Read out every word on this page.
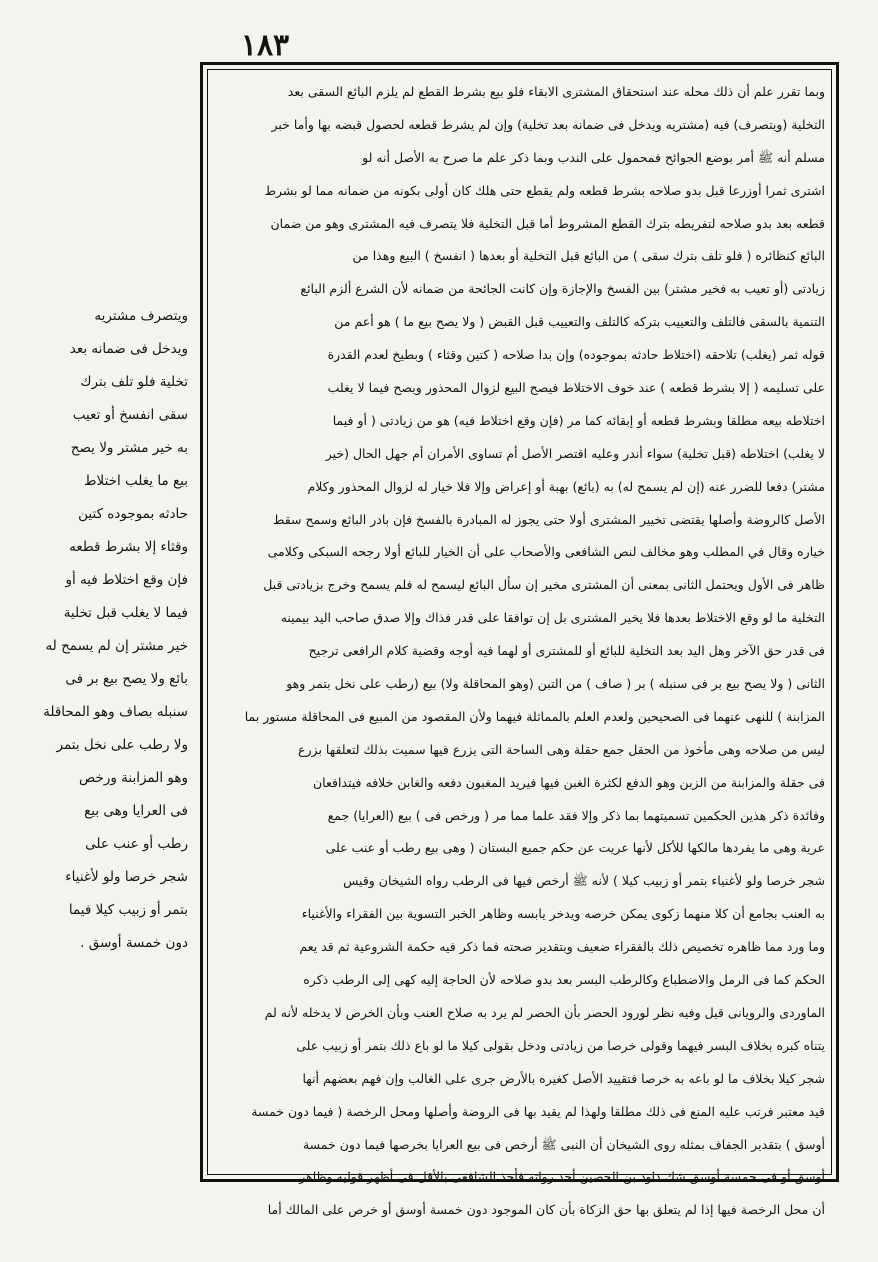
١٨٣
وبما تقرر علم أن ذلك محله عند استحقاق المشترى الابقاء فلو بيع بشرط القطع لم يلزم البائع السقى بعد
التخلية (ويتصرف) فيه (مشتريه ويدخل فى ضمانه بعد تخلية) وإن لم يشرط قطعه لحصول قبضه بها وأما خبر
مسلم أنه ﷺ أمر بوضع الجوائح فمحمول على الندب وبما ذكر علم ما صرح به الأصل أنه لو
اشترى ثمرا أوزرعا قبل بدو صلاحه بشرط قطعه ولم يقطع حتى هلك كان أولى بكونه من ضمانه مما لو بشرط
قطعه بعد بدو صلاحه لتفريطه بترك القطع المشروط أما قبل التخلية فلا يتصرف فيه المشترى وهو من ضمان
البائع كنظائره ( فلو تلف بترك سقى ) من البائع قبل التخلية أو بعدها ( انفسخ ) البيع وهذا من
زيادتى (أو تعيب به فخير مشتر) بين الفسخ والإجازة وإن كانت الجائحة من ضمانه لأن الشرع ألزم البائع
التنمية بالسقى فالتلف والتعييب بتركه كالتلف والتعييب قبل القبض ( ولا يصح بيع ما ) هو أعم من
قوله ثمر (يغلب) تلاحقه (اختلاط حادثه بموجوده) وإن بدا صلاحه ( كتين وقثاء ) وبطيخ لعدم القدرة
على تسليمه ( إلا بشرط قطعه ) عند خوف الاختلاط فيصح البيع لزوال المحذور ويصح فيما لا يغلب
اختلاطه بيعه مطلقا وبشرط قطعه أو إبقائه كما مر (فإن وقع اختلاط فيه) هو من زيادتى ( أو فيما
لا يغلب) اختلاطه (قبل تخلية) سواء أندر وعليه اقتصر الأصل أم تساوى الأمران أم جهل الحال (خير
مشتر) دفعا للضرر عنه (إن لم يسمح له) به (بائع) بهبة أو إعراض وإلا فلا خيار له لزوال المحذور وكلام
الأصل كالروضة وأصلها يقتضى تخيير المشترى أولا حتى يجوز له المبادرة بالفسخ فإن بادر البائع وسمح سقط
خياره وقال في المطلب وهو مخالف لنص الشافعى والأصحاب على أن الخيار للبائع أولا رجحه السبكى وكلامى
ظاهر فى الأول ويحتمل الثانى بمعنى أن المشترى مخير إن سأل البائع ليسمح له فلم يسمح وخرج بزيادتى قبل
التخلية ما لو وقع الاختلاط بعدها فلا يخير المشترى بل إن توافقا على قدر فذاك وإلا صدق صاحب اليد بيمينه
فى قدر حق الآخر وهل اليد بعد التخلية للبائع أو للمشترى أو لهما فيه أوجه وقضية كلام الرافعى ترجيح
الثانى ( ولا يصح بيع بر فى سنبله ) بر ( صاف ) من التبن (وهو المحاقلة ولا) بيع (رطب على نخل بتمر وهو
المزابنة ) للنهى عنهما فى الصحيحين ولعدم العلم بالمماثلة فيهما ولأن المقصود من المبيع فى المحاقلة مستور بما
ليس من صلاحه وهى مأخوذ من الحقل جمع حقلة وهى الساحة التى يزرع فيها سميت بذلك لتعلقها بزرع
فى حقلة والمزابنة من الزبن وهو الدفع لكثرة الغبن فيها فيريد المغبون دفعه والغابن خلافه فيتدافعان
وفائدة ذكر هذين الحكمين تسميتهما بما ذكر وإلا فقد علما مما مر ( ورخص فى ) بيع (العرايا) جمع
عرية وهى ما يفردها مالكها للأكل لأنها عريت عن حكم جميع البستان ( وهى بيع رطب أو عنب على
شجر خرصا ولو لأغنياء بتمر أو زبيب كيلا ) لأنه ﷺ أرخص فيها فى الرطب رواه الشيخان وقيس
به العنب بجامع أن كلا منهما زكوى يمكن خرصه ويدخر يابسه وظاهر الخبر التسوية بين الفقراء والأغنياء
وما ورد مما ظاهره تخصيص ذلك بالفقراء ضعيف وبتقدير صحته فما ذكر فيه حكمة الشروعية ثم قد يعم
الحكم كما فى الرمل والاضطباع وكالرطب البسر بعد بدو صلاحه لأن الحاجة إليه كهى إلى الرطب ذكره
الماوردى والرويانى قيل وفيه نظر لورود الحصر بأن الحصر لم يرد به صلاح العنب وبأن الخرص لا يدخله لأنه لم
يتناه كبره بخلاف البسر فيهما وقولى خرصا من زيادتى ودخل بقولى كيلا ما لو باع ذلك بتمر أو زبيب على
شجر كيلا بخلاف ما لو باعه به خرصا فتقييد الأصل كغيره بالأرض جرى على الغالب وإن فهم بعضهم أنها
قيد معتبر فرتب عليه المنع فى ذلك مطلقا ولهذا لم يقيد بها فى الروضة وأصلها ومحل الرخصة ( فيما دون خمسة
أوسق ) بتقدير الجفاف بمثله روى الشيخان أن النبى ﷺ أرخص فى بيع العرايا بخرصها فيما دون خمسة
أوسق أو فى خمسة أوسق شك داود بن الحصين أحد رواته فأخذ الشافعى بالأقل فى أظهر قوليه وظاهر
أن محل الرخصة فيها إذا لم يتعلق بها حق الزكاة بأن كان الموجود دون خمسة أوسق أو خرص على المالك أما
ويتصرف مشتريه
ويدخل فى ضمانه بعد
تخلية فلو تلف بترك
سقى انفسخ أو تعيب
به خير مشتر ولا يصح
بيع ما يغلب اختلاط
حادثه بموجوده كتين
وقثاء إلا بشرط قطعه
فإن وقع اختلاط فيه أو
فيما لا يغلب قبل تخلية
خير مشتر إن لم يسمح له
بائع ولا يصح بيع بر فى
سنبله بصاف وهو المحاقلة
ولا رطب على نخل بتمر
وهو المزابنة ورخص
فى العرايا وهى بيع
رطب أو عنب على
شجر خرصا ولو لأغنياء
بتمر أو زبيب كيلا فيما
دون خمسة أوسق .
